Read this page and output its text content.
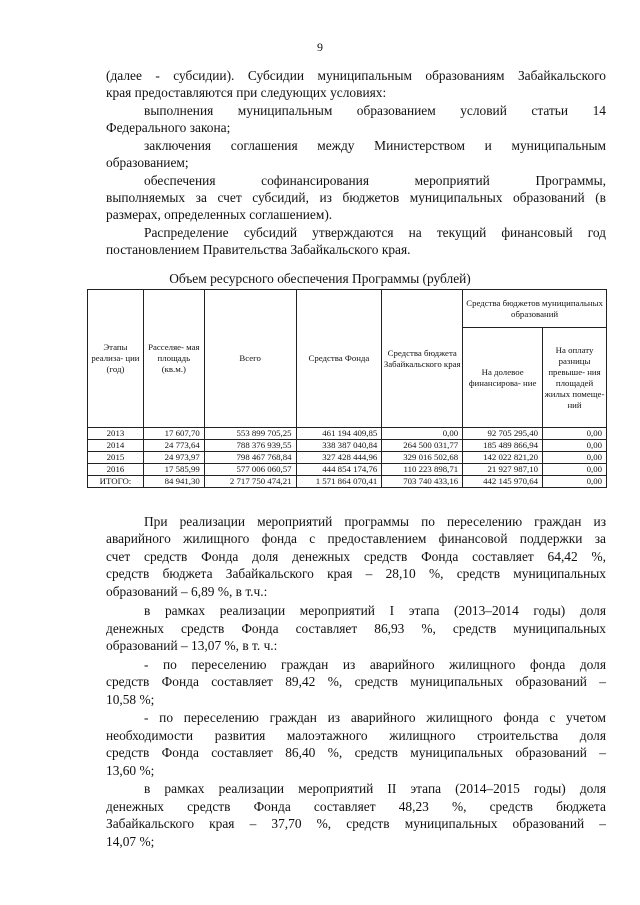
9
(далее - субсидии). Субсидии муниципальным образованиям Забайкальского
края предоставляются при следующих условиях:
выполнения муниципальным образованием условий статьи 14
Федерального закона;
заключения соглашения между Министерством и муниципальным
образованием;
обеспечения софинансирования мероприятий Программы,
выполняемых за счет субсидий, из бюджетов муниципальных образований (в
размерах, определенных соглашением).
Распределение субсидий утверждаются на текущий финансовый год
постановлением Правительства Забайкальского края.
Объем ресурсного обеспечения Программы (рублей)
Этапы реализа- ции (год)	Расселяе- мая площадь (кв.м.)	Всего	Средства Фонда	Средства бюджета Забайкальского края	Средства бюджетов муниципальных образований	
					На долевое финансирова- ние	На оплату разницы превыше- ния площадей жилых помеще- ний

2013	17 607,70	553 899 705,25	461 194 409,85	0,00	92 705 295,40	0,00
2014	24 773,64	788 376 939,55	338 387 040,84	264 500 031,77	185 489 866,94	0,00
2015	24 973,97	798 467 768,84	327 428 444,96	329 016 502,68	142 022 821,20	0,00
2016	17 585,99	577 006 060,57	444 854 174,76	110 223 898,71	21 927 987,10	0,00
ИТОГО:	84 941,30	2 717 750 474,21	1 571 864 070,41	703 740 433,16	442 145 970,64	0,00
При реализации мероприятий программы по переселению граждан из
аварийного жилищного фонда с предоставлением финансовой поддержки за
счет средств Фонда доля денежных средств Фонда составляет 64,42 %,
средств бюджета Забайкальского края – 28,10 %, средств муниципальных
образований – 6,89 %, в т.ч.:
в рамках реализации мероприятий I этапа (2013–2014 годы) доля
денежных средств Фонда составляет 86,93 %, средств муниципальных
образований – 13,07 %, в т. ч.:
- по переселению граждан из аварийного жилищного фонда доля
средств Фонда составляет 89,42 %, средств муниципальных образований –
10,58 %;
- по переселению граждан из аварийного жилищного фонда с учетом
необходимости развития малоэтажного жилищного строительства доля
средств Фонда составляет 86,40 %, средств муниципальных образований –
13,60 %;
в рамках реализации мероприятий II этапа (2014–2015 годы) доля
денежных средств Фонда составляет 48,23 %, средств бюджета
Забайкальского края – 37,70 %, средств муниципальных образований –
14,07 %;
